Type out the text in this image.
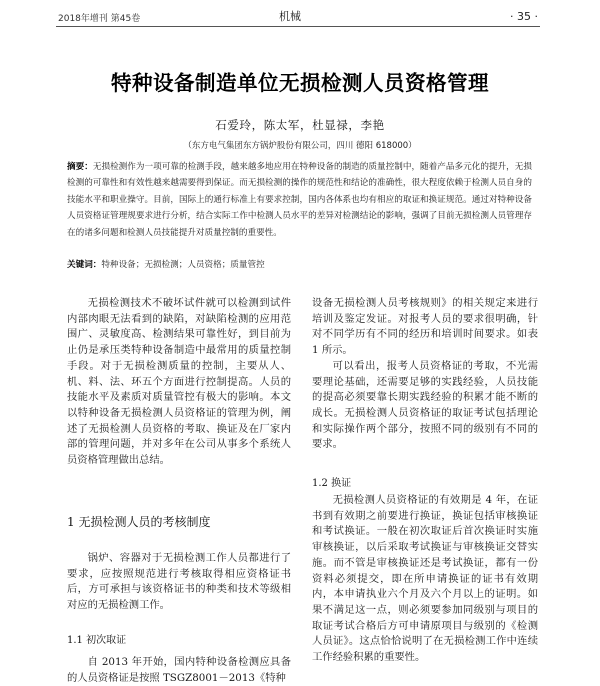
2018年增刊 第45卷	机械	· 35 ·
特种设备制造单位无损检测人员资格管理
石爱玲，陈太军，杜显禄，李艳
（东方电气集团东方锅炉股份有限公司，四川 德阳 618000）
摘要：无损检测作为一项可靠的检测手段，越来越多地应用在特种设备的制造的质量控制中，随着产品多元化的提升，无损检测的可靠性和有效性越来越需要得到保证。而无损检测的操作的规范性和结论的准确性，很大程度依赖于检测人员自身的技能水平和职业操守。目前，国际上的通行标准上有要求控制，国内各体系也均有相应的取证和换证规范。通过对特种设备人员资格证管理规要求进行分析，结合实际工作中检测人员水平的差异对检测结论的影响，强调了目前无损检测人员管理存在的诸多问题和检测人员技能提升对质量控制的重要性。
关键词：特种设备；无损检测；人员资格；质量管控

无损检测技术不破坏试件就可以检测到试件内部肉眼无法看到的缺陷，对缺陷检测的应用范围广、灵敏度高、检测结果可靠性好，到目前为止仍是承压类特种设备制造中最常用的质量控制手段。对于无损检测质量的控制，主要从人、机、料、法、环五个方面进行控制提高。人员的技能水平及素质对质量管控有极大的影响。本文以特种设备无损检测人员资格证的管理为例，阐述了无损检测人员资格的考取、换证及在厂家内部的管理问题，并对多年在公司从事多个系统人员资格管理做出总结。

1 无损检测人员的考核制度

锅炉、容器对于无损检测工作人员都进行了要求，应按照规范进行考核取得相应资格证书后，方可承担与该资格证书的种类和技术等级相对应的无损检测工作。

1.1 初次取证

自 2013 年开始，国内特种设备检测应具备的人员资格证是按照 TSGZ8001－2013《特种

设备无损检测人员考核规则》的相关规定来进行培训及鉴定发证。对报考人员的要求很明确，针对不同学历有不同的经历和培训时间要求。如表 1 所示。

可以看出，报考人员资格证的考取，不光需要理论基础，还需要足够的实践经验，人员技能的提高必须要靠长期实践经验的积累才能不断的成长。无损检测人员资格证的取证考试包括理论和实际操作两个部分，按照不同的级别有不同的要求。

1.2 换证

无损检测人员资格证的有效期是 4 年，在证书到有效期之前要进行换证，换证包括审核换证和考试换证。一般在初次取证后首次换证时实施审核换证，以后采取考试换证与审核换证交替实施。而不管是审核换证还是考试换证，都有一份资料必须提交，即在所申请换证的证书有效期内，本申请执业六个月及六个月以上的证明。如果不满足这一点，则必须要参加同级别与项目的取证考试合格后方可申请原项目与级别的《检测人员证》。这点恰恰说明了在无损检测工作中连续工作经验积累的重要性。
